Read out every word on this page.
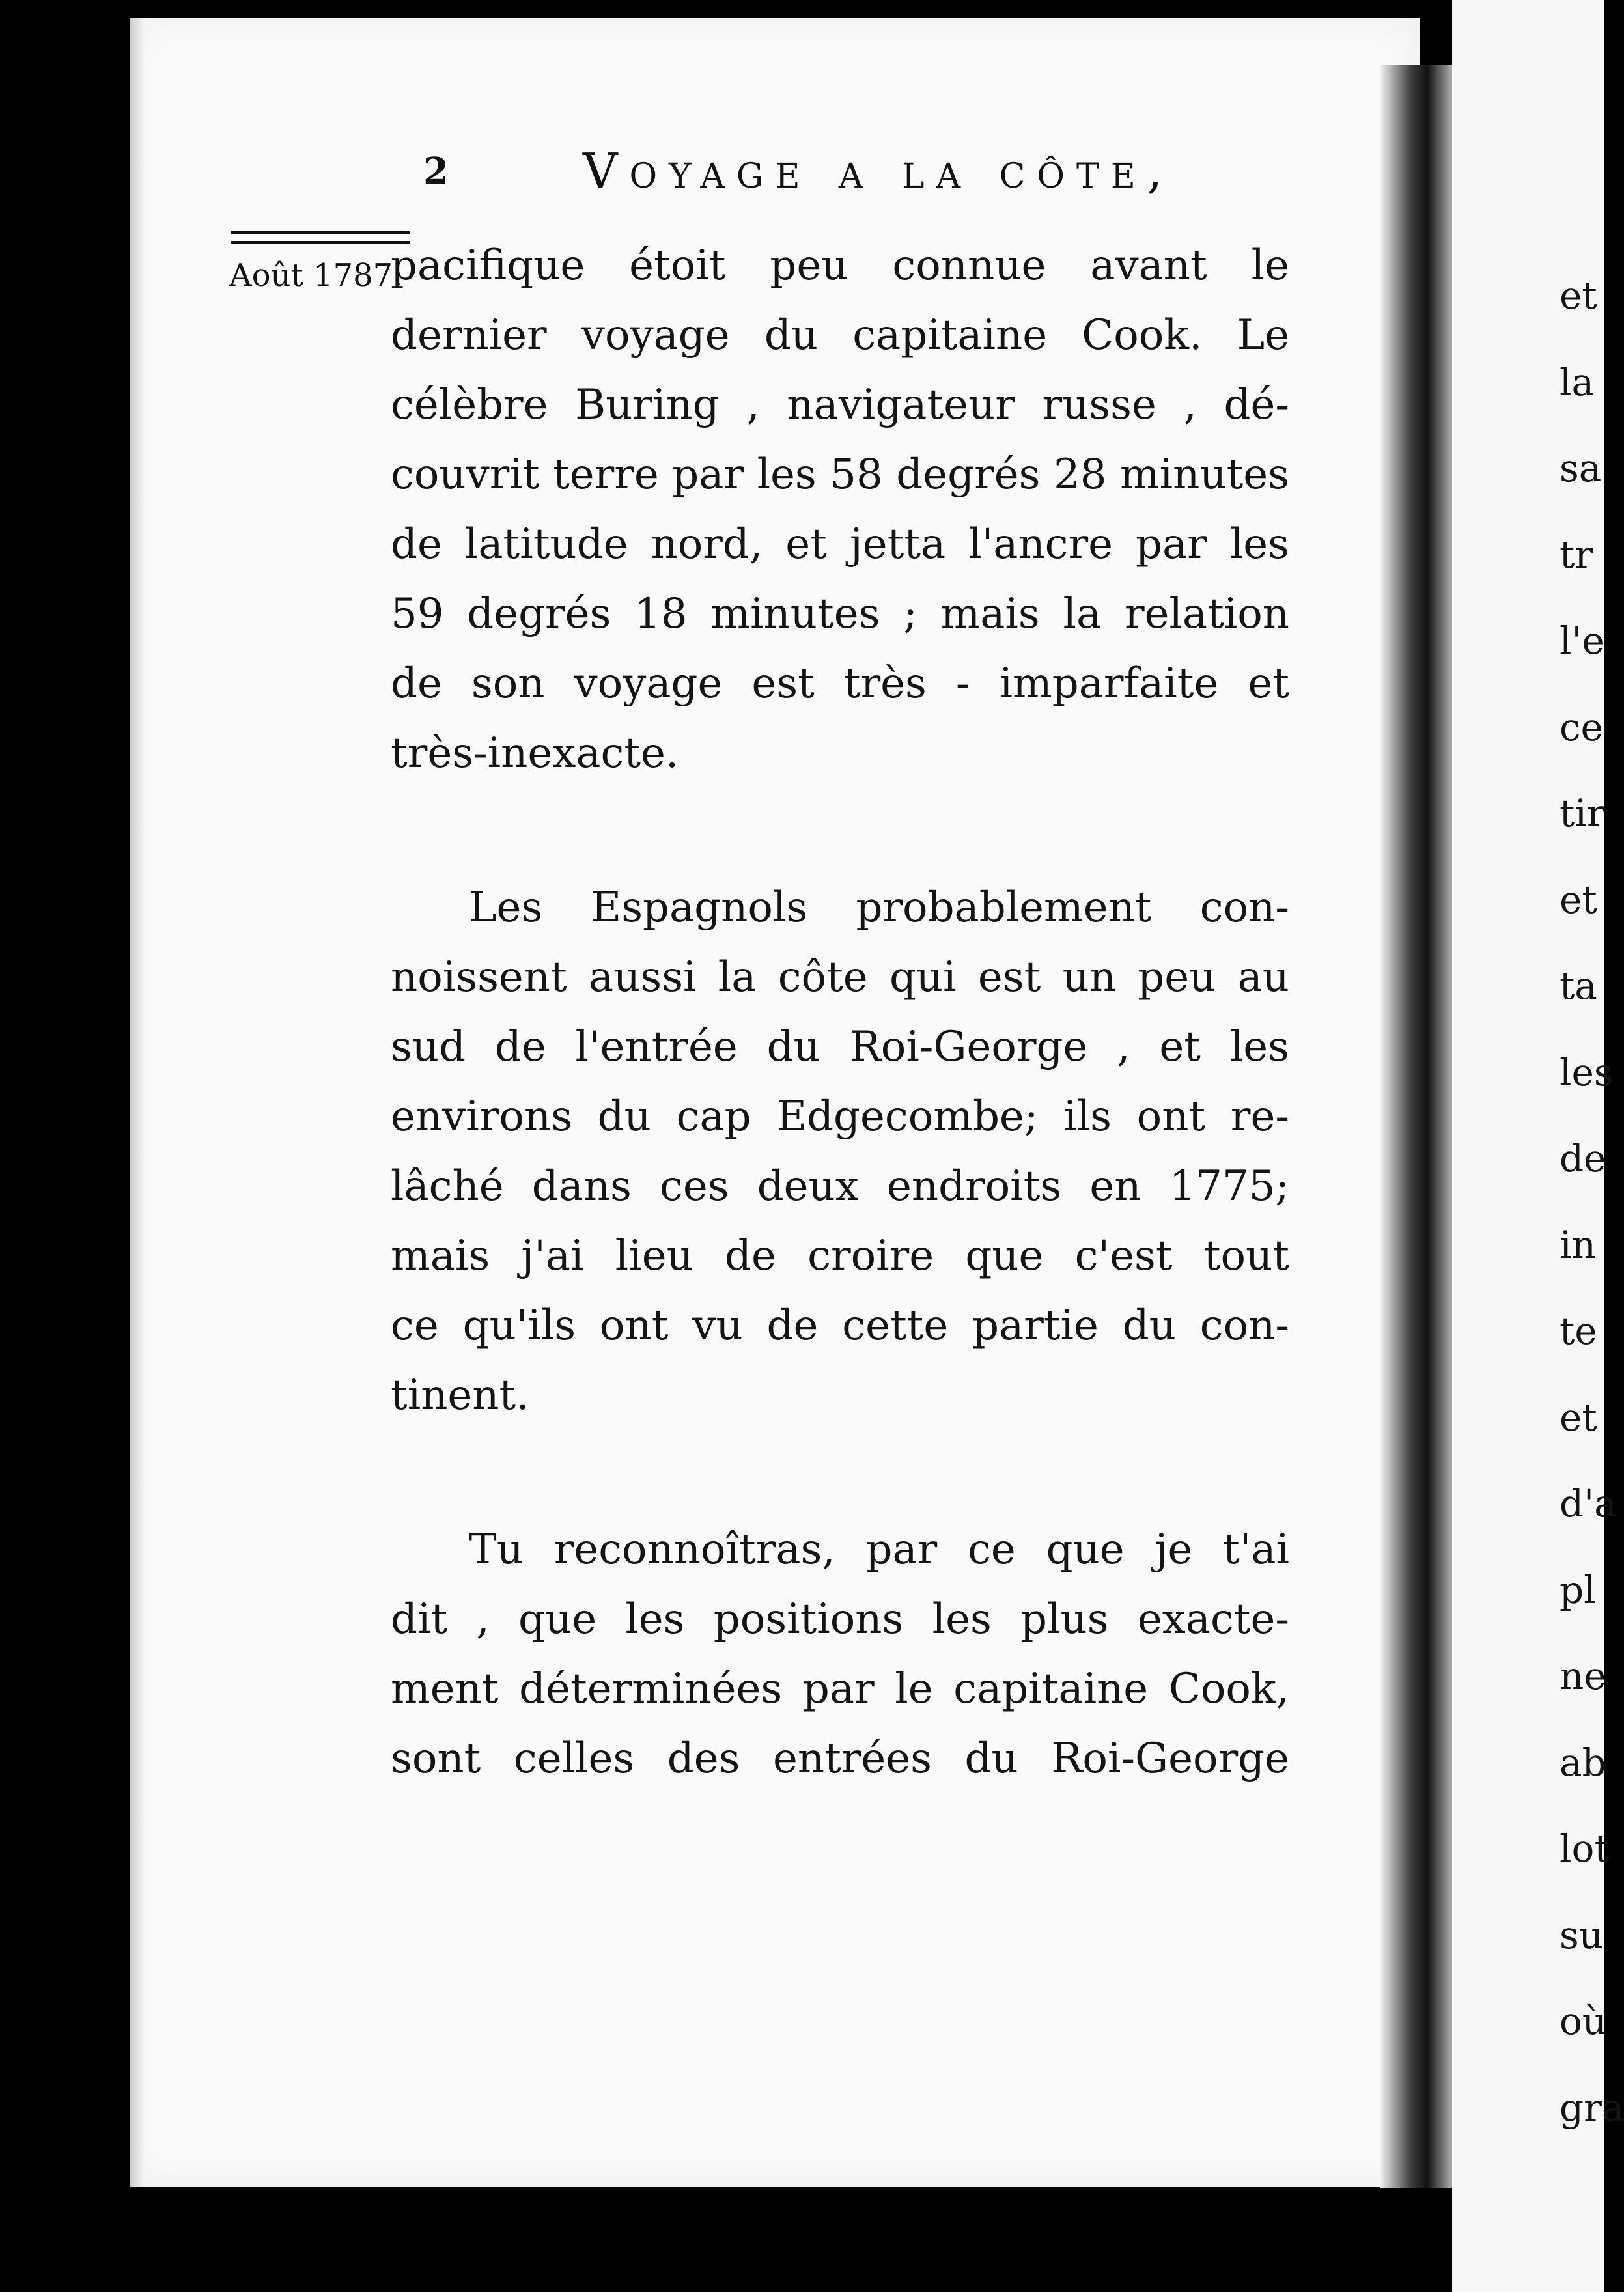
2	Voyage a la côte,
Août 1787.
pacifique étoit peu connue avant le
dernier voyage du capitaine Cook. Le
célèbre Buring , navigateur russe , dé-
couvrit terre par les 58 degrés 28 minutes
de latitude nord, et jetta l'ancre par les
59 degrés 18 minutes ; mais la relation
de son voyage est très - imparfaite et
très-inexacte.
Les Espagnols probablement con-
noissent aussi la côte qui est un peu au
sud de l'entrée du Roi-George , et les
environs du cap Edgecombe; ils ont re-
lâché dans ces deux endroits en 1775;
mais j'ai lieu de croire que c'est tout
ce qu'ils ont vu de cette partie du con-
tinent.
Tu reconnoîtras, par ce que je t'ai
dit , que les positions les plus exacte-
ment déterminées par le capitaine Cook,
sont celles des entrées du Roi-George
et
la
sa
tr
l'e
ce
tir
et
ta
les
de
in
te
et
d'a
pl
ne
ab
lot
su
où
gra
